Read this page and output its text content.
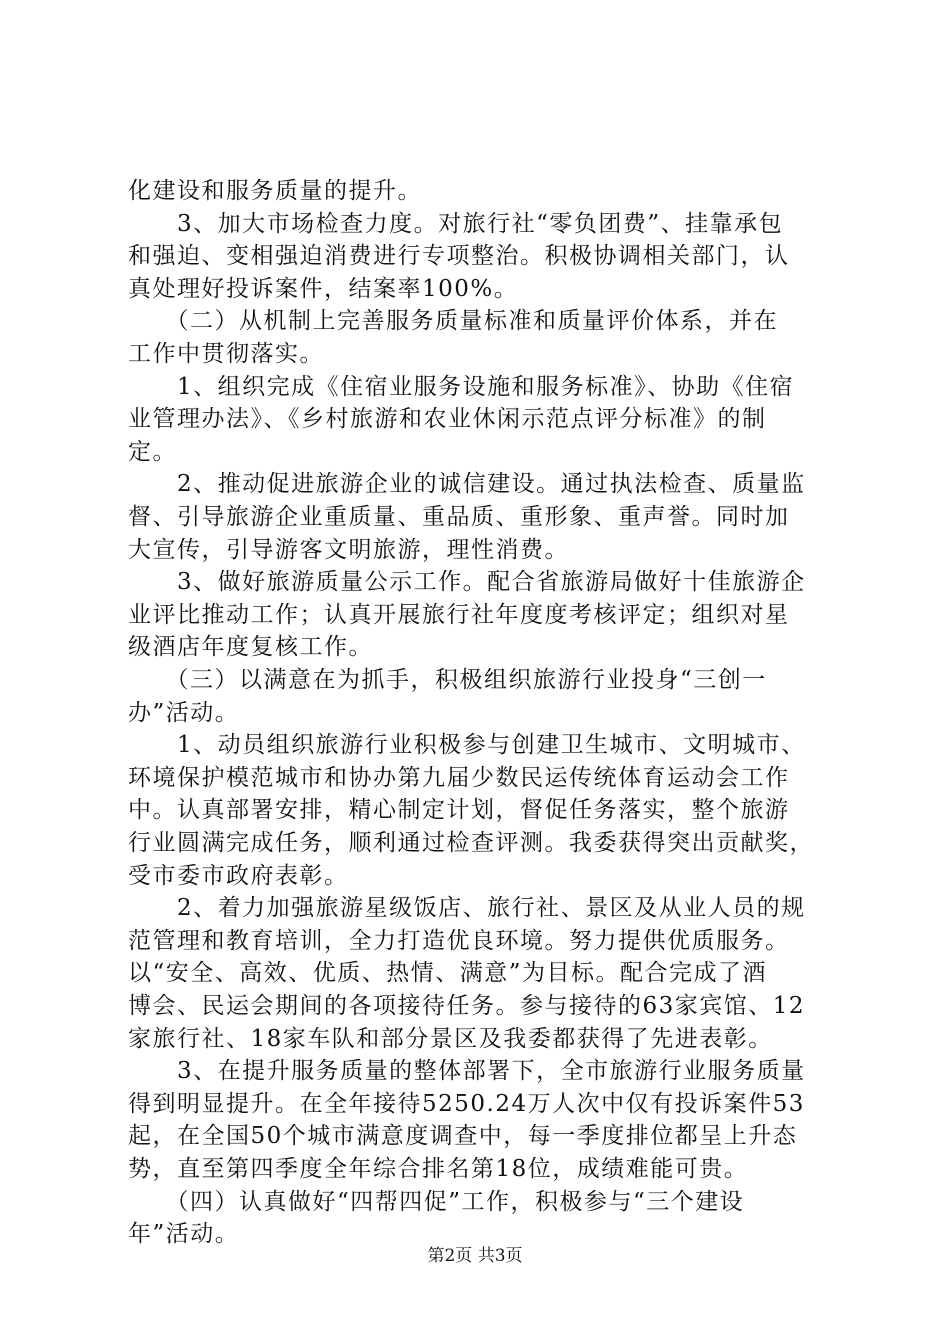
化建设和服务质量的提升。
　　3、加大市场检查力度。对旅行社“零负团费”、挂靠承包
和强迫、变相强迫消费进行专项整治。积极协调相关部门，认
真处理好投诉案件，结案率100%。
　　（二）从机制上完善服务质量标准和质量评价体系，并在
工作中贯彻落实。
　　1、组织完成《住宿业服务设施和服务标准》、协助《住宿
业管理办法》、《乡村旅游和农业休闲示范点评分标准》的制
定。
　　2、推动促进旅游企业的诚信建设。通过执法检查、质量监
督、引导旅游企业重质量、重品质、重形象、重声誉。同时加
大宣传，引导游客文明旅游，理性消费。
　　3、做好旅游质量公示工作。配合省旅游局做好十佳旅游企
业评比推动工作；认真开展旅行社年度度考核评定；组织对星
级酒店年度复核工作。
　　（三）以满意在为抓手，积极组织旅游行业投身“三创一
办”活动。
　　1、动员组织旅游行业积极参与创建卫生城市、文明城市、
环境保护模范城市和协办第九届少数民运传统体育运动会工作
中。认真部署安排，精心制定计划，督促任务落实，整个旅游
行业圆满完成任务，顺利通过检查评测。我委获得突出贡献奖，
受市委市政府表彰。
　　2、着力加强旅游星级饭店、旅行社、景区及从业人员的规
范管理和教育培训，全力打造优良环境。努力提供优质服务。
以“安全、高效、优质、热情、满意”为目标。配合完成了酒
博会、民运会期间的各项接待任务。参与接待的63家宾馆、12
家旅行社、18家车队和部分景区及我委都获得了先进表彰。
　　3、在提升服务质量的整体部署下，全市旅游行业服务质量
得到明显提升。在全年接待5250.24万人次中仅有投诉案件53
起，在全国50个城市满意度调查中，每一季度排位都呈上升态
势，直至第四季度全年综合排名第18位，成绩难能可贵。
　　（四）认真做好“四帮四促”工作，积极参与“三个建设
年”活动。
第2页 共3页
